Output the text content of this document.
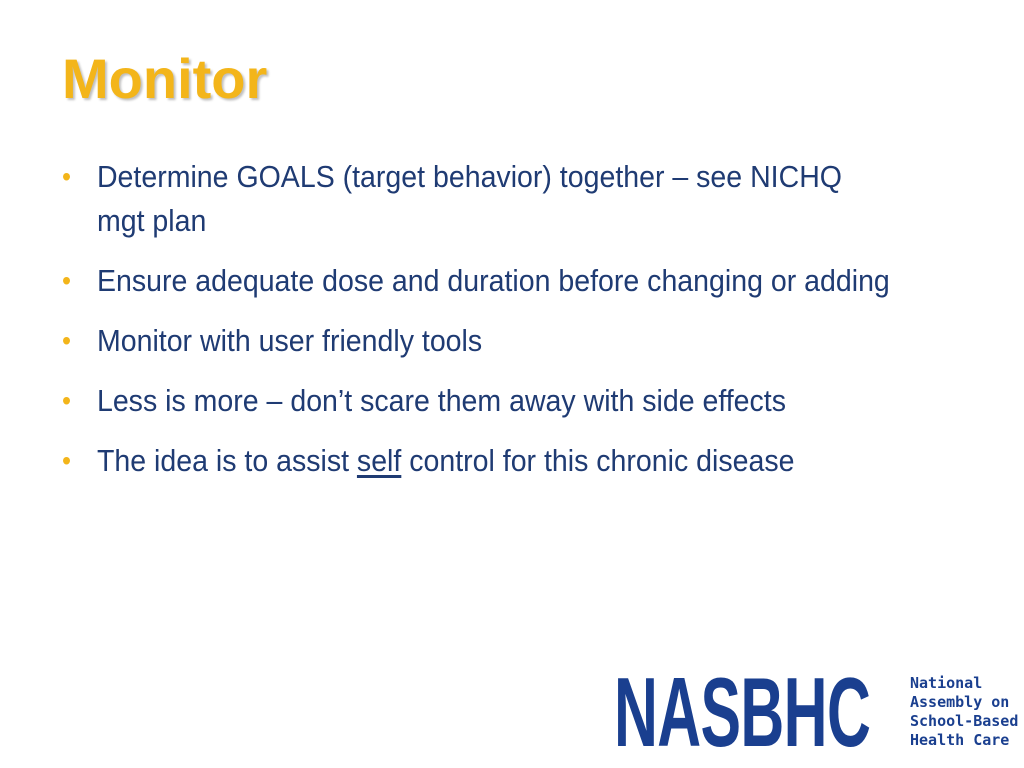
Monitor
• Determine GOALS (target behavior) together – see NICHQ mgt plan
• Ensure adequate dose and duration before changing or adding
• Monitor with user friendly tools
• Less is more – don’t scare them away with side effects
• The idea is to assist self control for this chronic disease
NASBHC	National
Assembly on
School-Based
Health Care
